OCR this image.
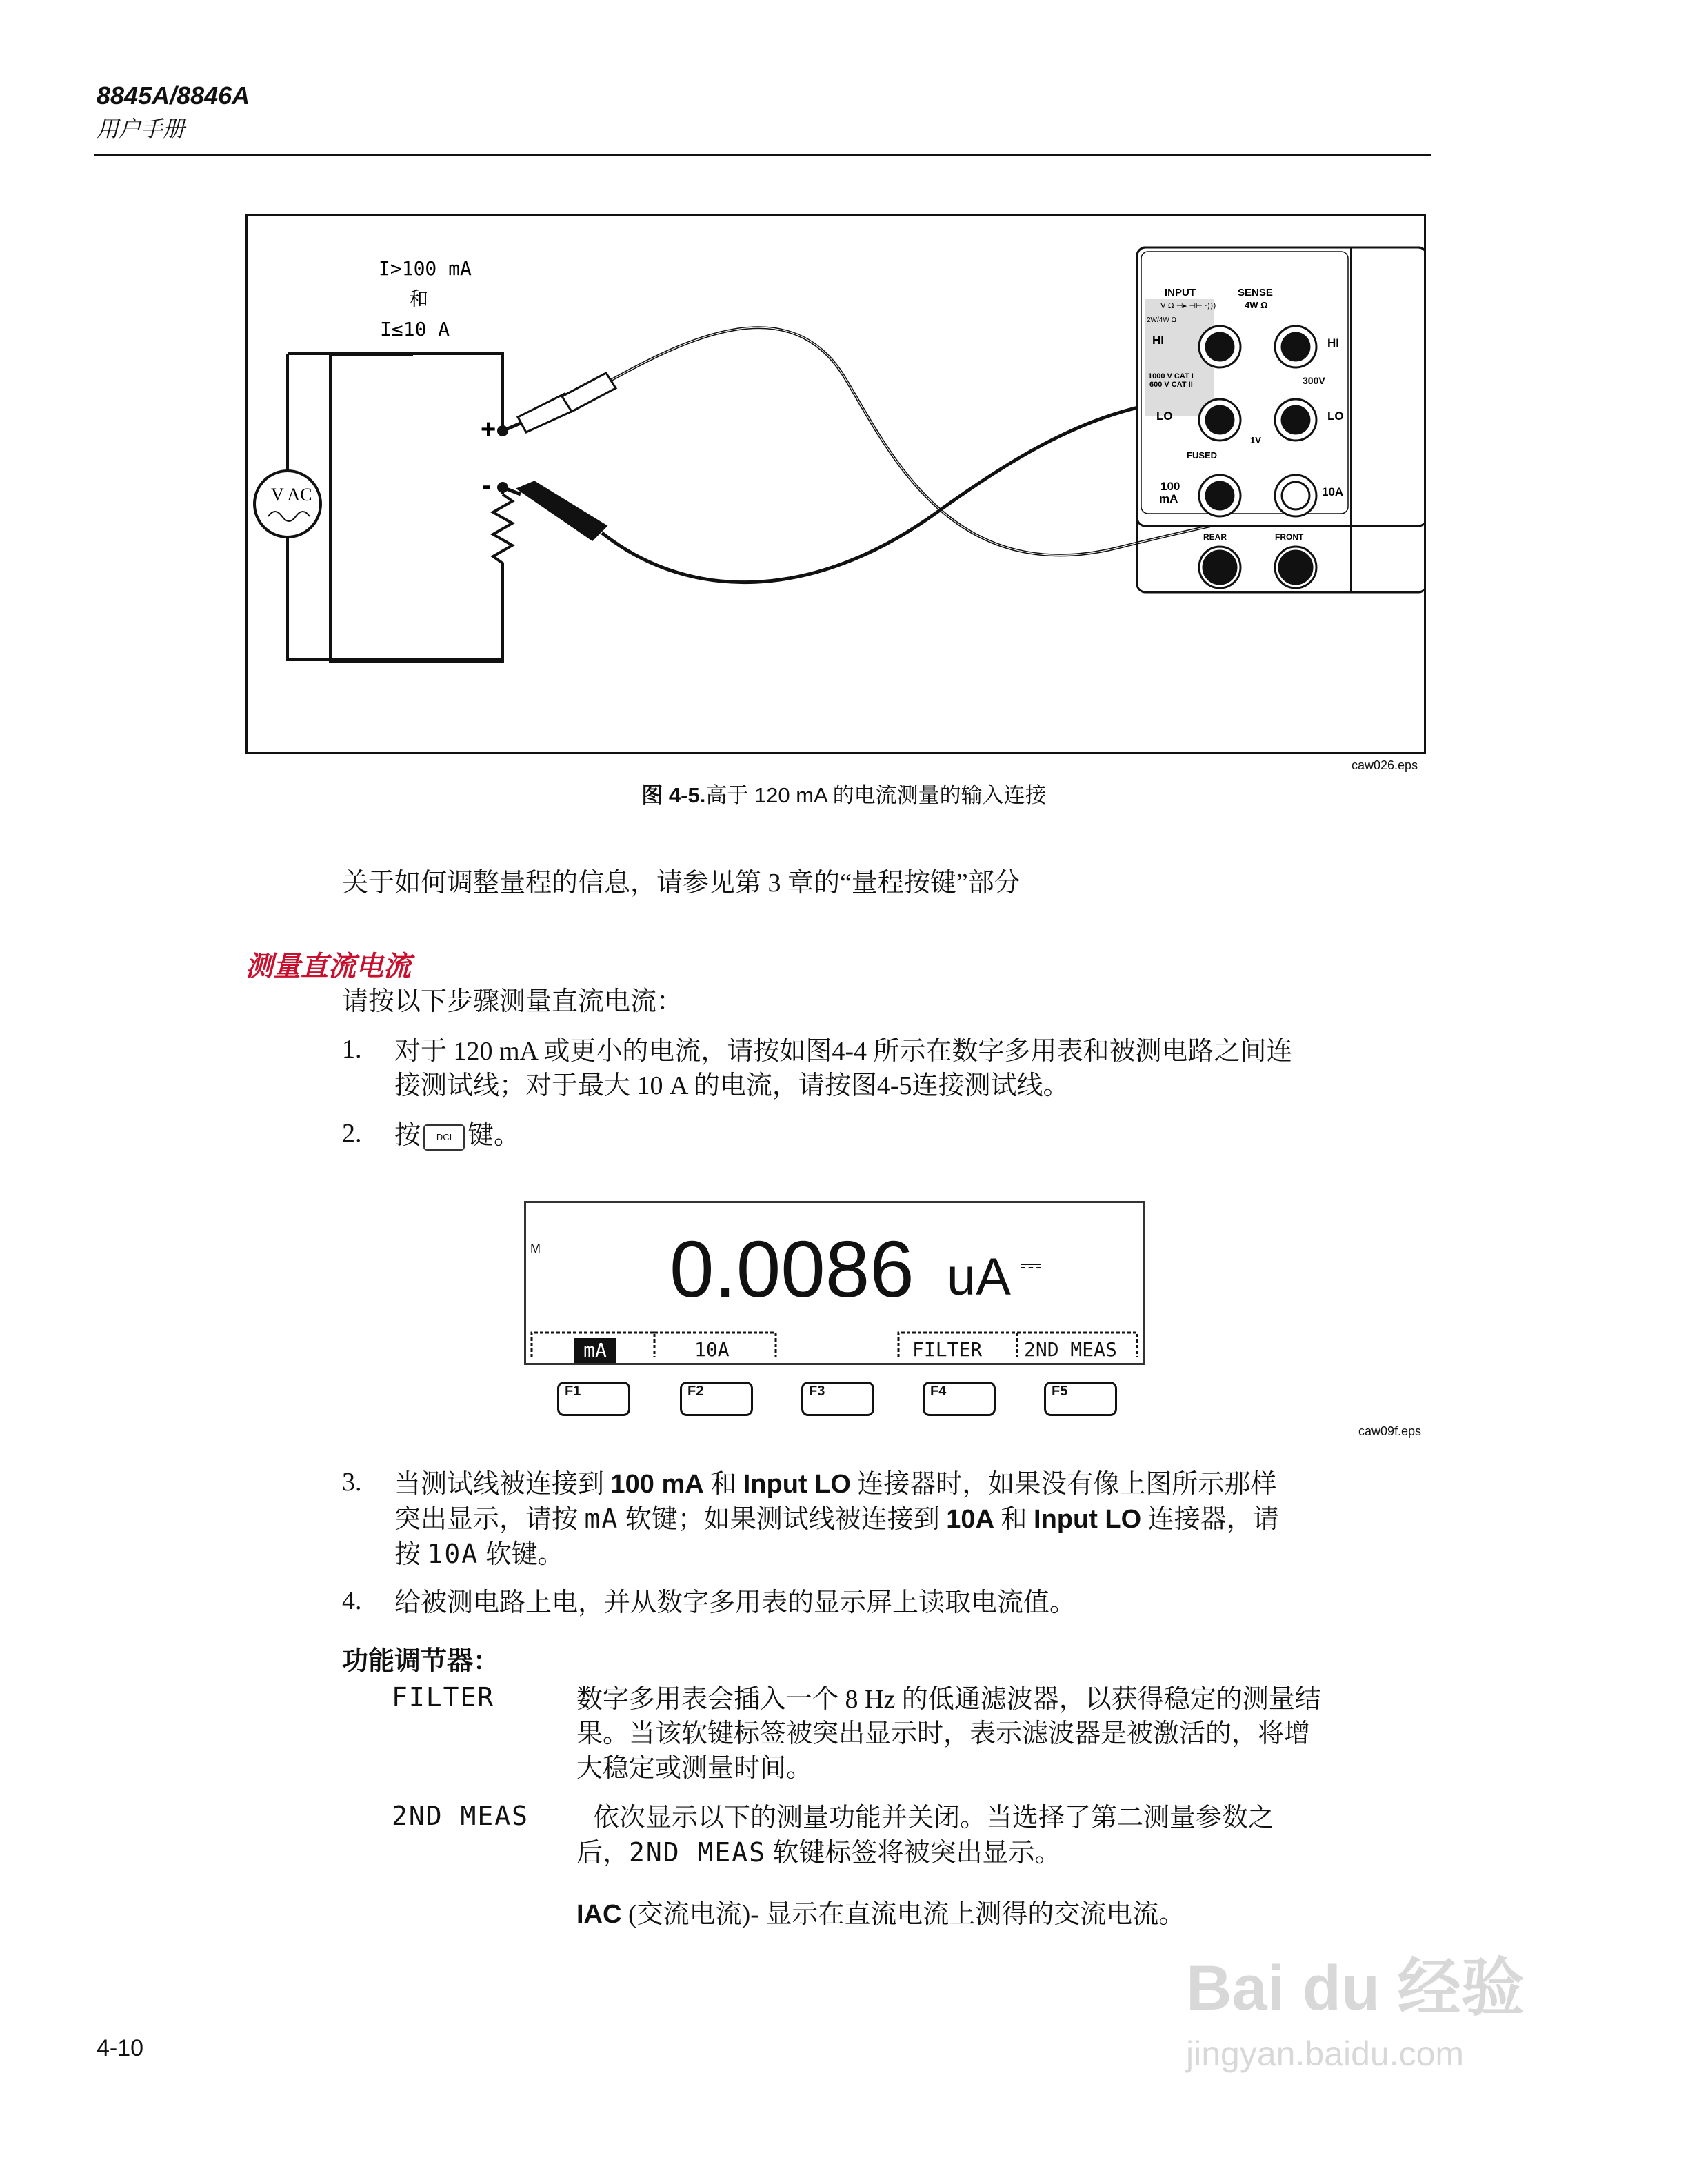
8845A/8846A
用户手册
V AC
+
-
I>100 mA
和
I≤10 A
INPUT
V Ω ⊣▸ ⊣⊢ ·)))
SENSE
4W Ω
2W/4W Ω
HI	HI
1000 V CAT I
600 V CAT II	300V
LO	LO
1V
FUSED
100
mA
10A
REAR	FRONT
caw026.eps
图 4-5.高于 120 mA 的电流测量的输入连接
关于如何调整量程的信息，请参见第 3 章的“量程按键”部分
测量直流电流
请按以下步骤测量直流电流：
1.	对于 120 mA 或更小的电流，请按如图4-4 所示在数字多用表和被测电路之间连
接测试线；对于最大 10 A 的电流，请按图4-5连接测试线。
2.	按 DCI 键。
M 0.0086 uA ⎓
mA	10A	FILTER 2ND MEAS
F1	F2	F3	F4	F5
caw09f.eps
3.	当测试线被连接到 100 mA 和 Input LO 连接器时，如果没有像上图所示那样
突出显示，请按 mA 软键；如果测试线被连接到 10A 和 Input LO 连接器，请
按 10A 软键。
4.	给被测电路上电，并从数字多用表的显示屏上读取电流值。
功能调节器：
FILTER	数字多用表会插入一个 8 Hz 的低通滤波器，以获得稳定的测量结
果。当该软键标签被突出显示时，表示滤波器是被激活的，将增
大稳定或测量时间。
2ND MEAS 依次显示以下的测量功能并关闭。当选择了第二测量参数之
后，2ND MEAS 软键标签将被突出显示。
IAC (交流电流)- 显示在直流电流上测得的交流电流。
4-10
Bai du 经验
jingyan.baidu.com
